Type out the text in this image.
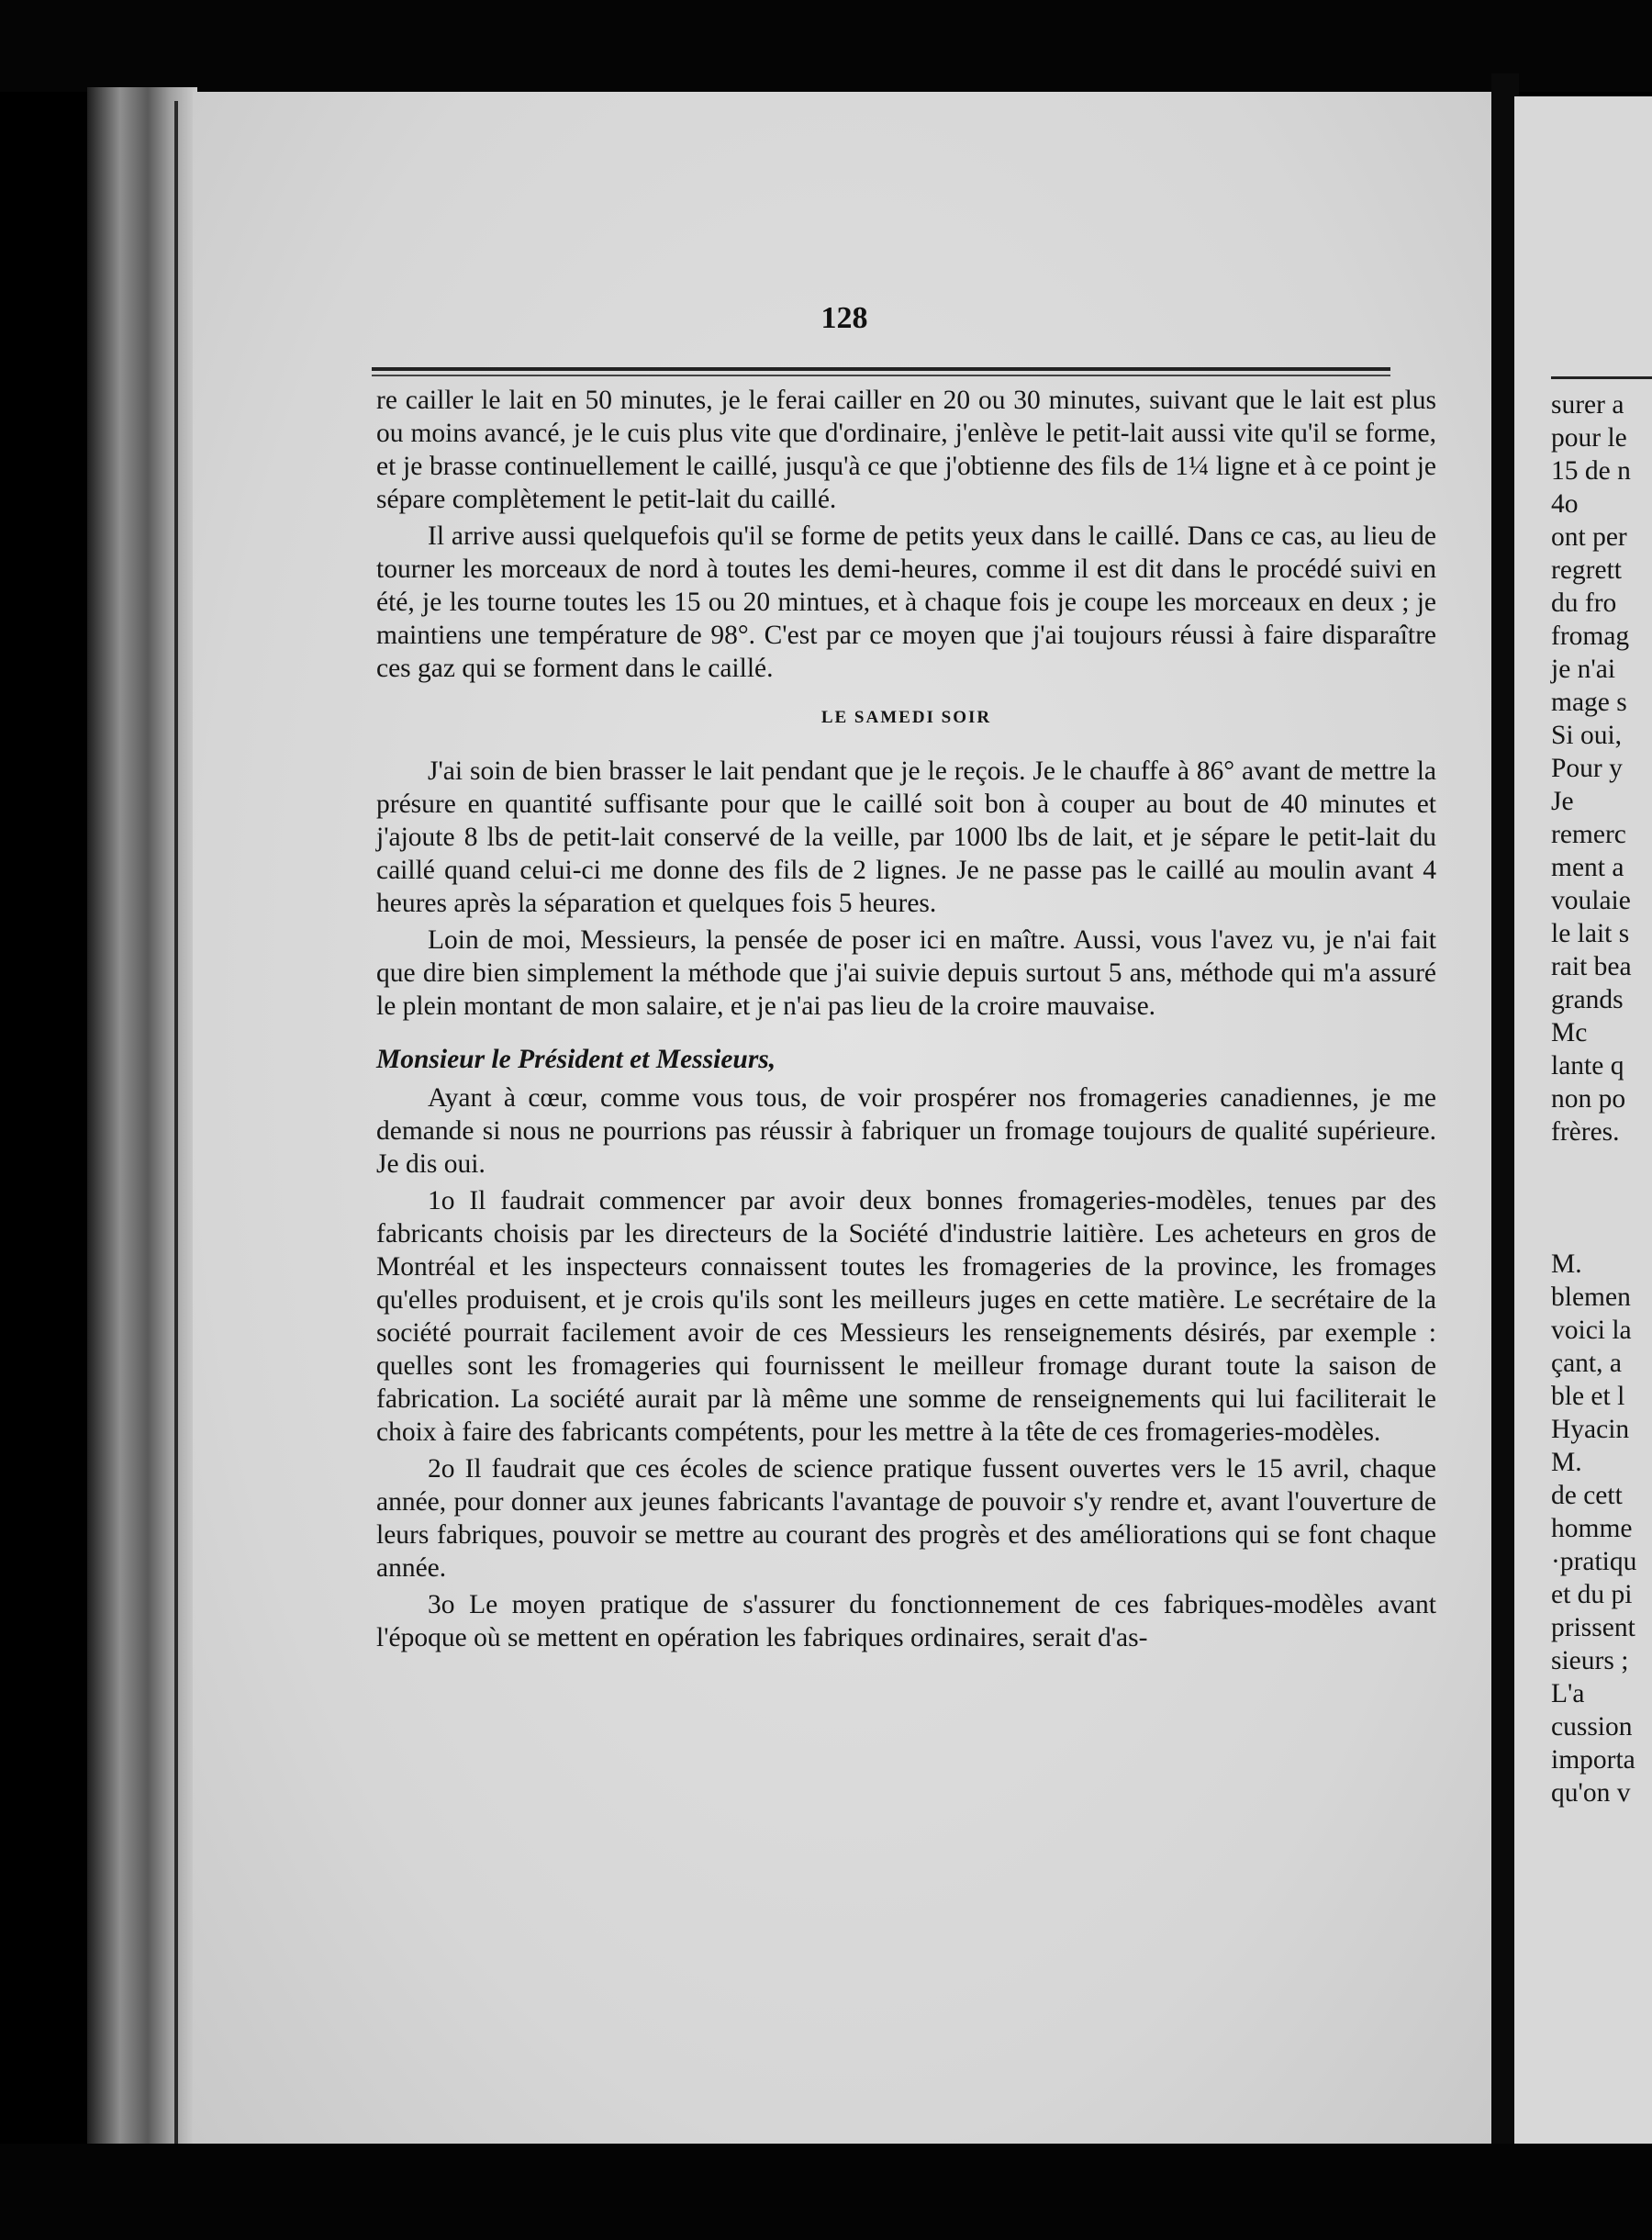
128

re cailler le lait en 50 minutes, je le ferai cailler en 20 ou 30 minutes, suivant que le lait est plus ou moins avancé, je le cuis plus vite que d'ordinaire, j'enlève le petit-lait aussi vite qu'il se forme, et je brasse continuellement le caillé, jusqu'à ce que j'obtienne des fils de 1¼ ligne et à ce point je sépare complètement le petit-lait du caillé.

Il arrive aussi quelquefois qu'il se forme de petits yeux dans le caillé. Dans ce cas, au lieu de tourner les morceaux de nord à toutes les demi-heures, comme il est dit dans le procédé suivi en été, je les tourne toutes les 15 ou 20 mintues, et à chaque fois je coupe les morceaux en deux ; je maintiens une température de 98°. C'est par ce moyen que j'ai toujours réussi à faire disparaître ces gaz qui se forment dans le caillé.

LE SAMEDI SOIR

J'ai soin de bien brasser le lait pendant que je le reçois. Je le chauffe à 86° avant de mettre la présure en quantité suffisante pour que le caillé soit bon à couper au bout de 40 minutes et j'ajoute 8 lbs de petit-lait conservé de la veille, par 1000 lbs de lait, et je sépare le petit-lait du caillé quand celui-ci me donne des fils de 2 lignes. Je ne passe pas le caillé au moulin avant 4 heures après la séparation et quelques fois 5 heures.

Loin de moi, Messieurs, la pensée de poser ici en maître. Aussi, vous l'avez vu, je n'ai fait que dire bien simplement la méthode que j'ai suivie depuis surtout 5 ans, méthode qui m'a assuré le plein montant de mon salaire, et je n'ai pas lieu de la croire mauvaise.

Monsieur le Président et Messieurs,

Ayant à cœur, comme vous tous, de voir prospérer nos fromageries canadiennes, je me demande si nous ne pourrions pas réussir à fabriquer un fromage toujours de qualité supérieure. Je dis oui.

1o Il faudrait commencer par avoir deux bonnes fromageries-modèles, tenues par des fabricants choisis par les directeurs de la Société d'industrie laitière. Les acheteurs en gros de Montréal et les inspecteurs connaissent toutes les fromageries de la province, les fromages qu'elles produisent, et je crois qu'ils sont les meilleurs juges en cette matière. Le secrétaire de la société pourrait facilement avoir de ces Messieurs les renseignements désirés, par exemple : quelles sont les fromageries qui fournissent le meilleur fromage durant toute la saison de fabrication. La société aurait par là même une somme de renseignements qui lui faciliterait le choix à faire des fabricants compétents, pour les mettre à la tête de ces fromageries-modèles.

2o Il faudrait que ces écoles de science pratique fussent ouvertes vers le 15 avril, chaque année, pour donner aux jeunes fabricants l'avantage de pouvoir s'y rendre et, avant l'ouverture de leurs fabriques, pouvoir se mettre au courant des progrès et des améliorations qui se font chaque année.

3o Le moyen pratique de s'assurer du fonctionnement de ces fabriques-modèles avant l'époque où se mettent en opération les fabriques ordinaires, serait d'as-

surer a
pour le
15 de n
4o
ont per
regrett
du fro
fromag
je n'ai
mage s
Si oui,
Pour y
Je
remerc
ment a
voulaie
le lait s
rait bea
grands
Mc
lante q
non po
frères.
M.
blemen
voici la
çant, a
ble et l
Hyacin
M.
de cett
homme
·pratiqu
et du pi
prissent
sieurs ;
L'a
cussion
importa
qu'on v
